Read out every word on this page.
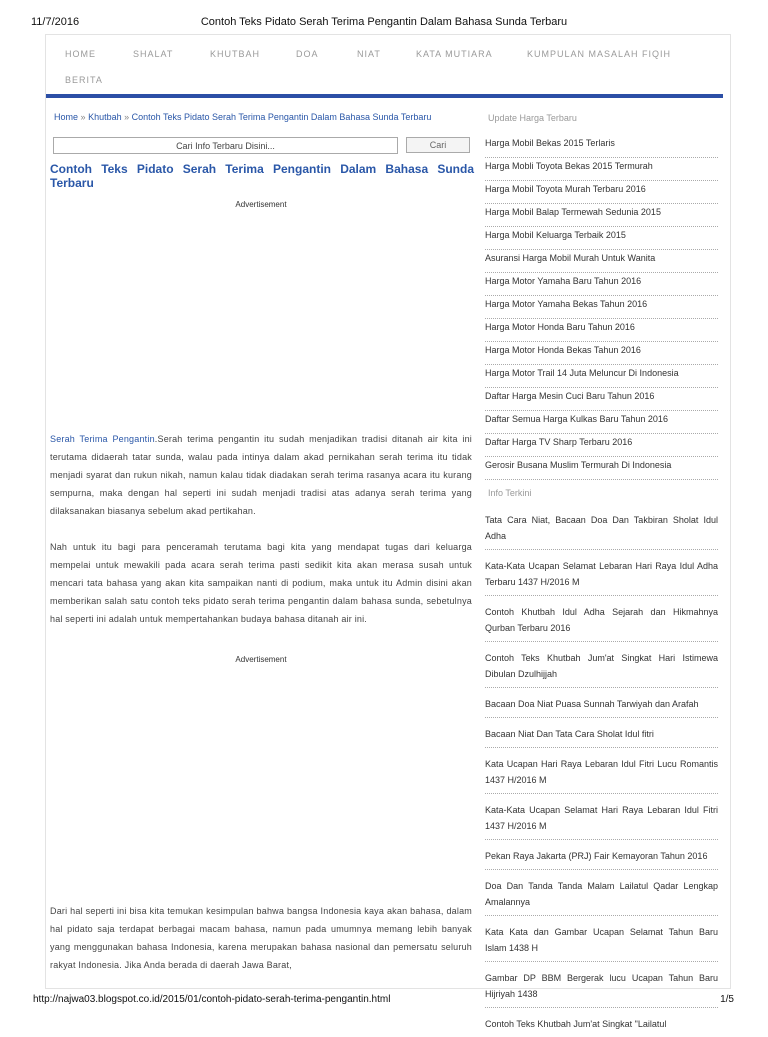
11/7/2016	Contoh Teks Pidato Serah Terima Pengantin Dalam Bahasa Sunda Terbaru
HOME	SHALAT	KHUTBAH	DOA	NIAT	KATA MUTIARA	KUMPULAN MASALAH FIQIH
BERITA
Home » Khutbah » Contoh Teks Pidato Serah Terima Pengantin Dalam Bahasa Sunda Terbaru
Cari Info Terbaru Disini...
Cari
Contoh Teks Pidato Serah Terima Pengantin Dalam Bahasa Sunda Terbaru
Advertisement

Serah Terima Pengantin.Serah terima pengantin itu sudah menjadikan tradisi ditanah air kita ini terutama didaerah tatar sunda, walau pada intinya dalam akad pernikahan serah terima itu tidak menjadi syarat dan rukun nikah, namun kalau tidak diadakan serah terima rasanya acara itu kurang sempurna, maka dengan hal seperti ini sudah menjadi tradisi atas adanya serah terima yang dilaksanakan biasanya sebelum akad pertikahan.

Nah untuk itu bagi para penceramah terutama bagi kita yang mendapat tugas dari keluarga mempelai untuk mewakili pada acara serah terima pasti sedikit kita akan merasa susah untuk mencari tata bahasa yang akan kita sampaikan nanti di podium, maka untuk itu Admin disini akan memberikan salah satu contoh teks pidato serah terima pengantin dalam bahasa sunda, sebetulnya hal seperti ini adalah untuk mempertahankan budaya bahasa ditanah air ini.

Advertisement

Dari hal seperti ini bisa kita temukan kesimpulan bahwa bangsa Indonesia kaya akan bahasa, dalam hal pidato saja terdapat berbagai macam bahasa, namun pada umumnya memang lebih banyak yang menggunakan bahasa Indonesia, karena merupakan bahasa nasional dan pemersatu seluruh rakyat Indonesia. Jika Anda berada di daerah Jawa Barat,

Update Harga Terbaru
Harga Mobil Bekas 2015 Terlaris
Harga Mobli Toyota Bekas 2015 Termurah
Harga Mobil Toyota Murah Terbaru 2016
Harga Mobil Balap Termewah Sedunia 2015
Harga Mobil Keluarga Terbaik 2015
Asuransi Harga Mobil Murah Untuk Wanita
Harga Motor Yamaha Baru Tahun 2016
Harga Motor Yamaha Bekas Tahun 2016
Harga Motor Honda Baru Tahun 2016
Harga Motor Honda Bekas Tahun 2016
Harga Motor Trail 14 Juta Meluncur Di Indonesia
Daftar Harga Mesin Cuci Baru Tahun 2016
Daftar Semua Harga Kulkas Baru Tahun 2016
Daftar Harga TV Sharp Terbaru 2016
Gerosir Busana Muslim Termurah Di Indonesia
Info Terkini
Tata Cara Niat, Bacaan Doa Dan Takbiran Sholat Idul Adha
Kata-Kata Ucapan Selamat Lebaran Hari Raya Idul Adha Terbaru 1437 H/2016 M
Contoh Khutbah Idul Adha Sejarah dan Hikmahnya Qurban Terbaru 2016
Contoh Teks Khutbah Jum'at Singkat Hari Istimewa Dibulan Dzulhijjah
Bacaan Doa Niat Puasa Sunnah Tarwiyah dan Arafah
Bacaan Niat Dan Tata Cara Sholat Idul fitri
Kata Ucapan Hari Raya Lebaran Idul Fitri Lucu Romantis 1437 H/2016 M
Kata-Kata Ucapan Selamat Hari Raya Lebaran Idul Fitri 1437 H/2016 M
Pekan Raya Jakarta (PRJ) Fair Kemayoran Tahun 2016
Doa Dan Tanda Tanda Malam Lailatul Qadar Lengkap Amalannya
Kata Kata dan Gambar Ucapan Selamat Tahun Baru Islam 1438 H
Gambar DP BBM Bergerak lucu Ucapan Tahun Baru Hijriyah 1438
Contoh Teks Khutbah Jum'at Singkat "Lailatul
http://najwa03.blogspot.co.id/2015/01/contoh-pidato-serah-terima-pengantin.html	1/5
